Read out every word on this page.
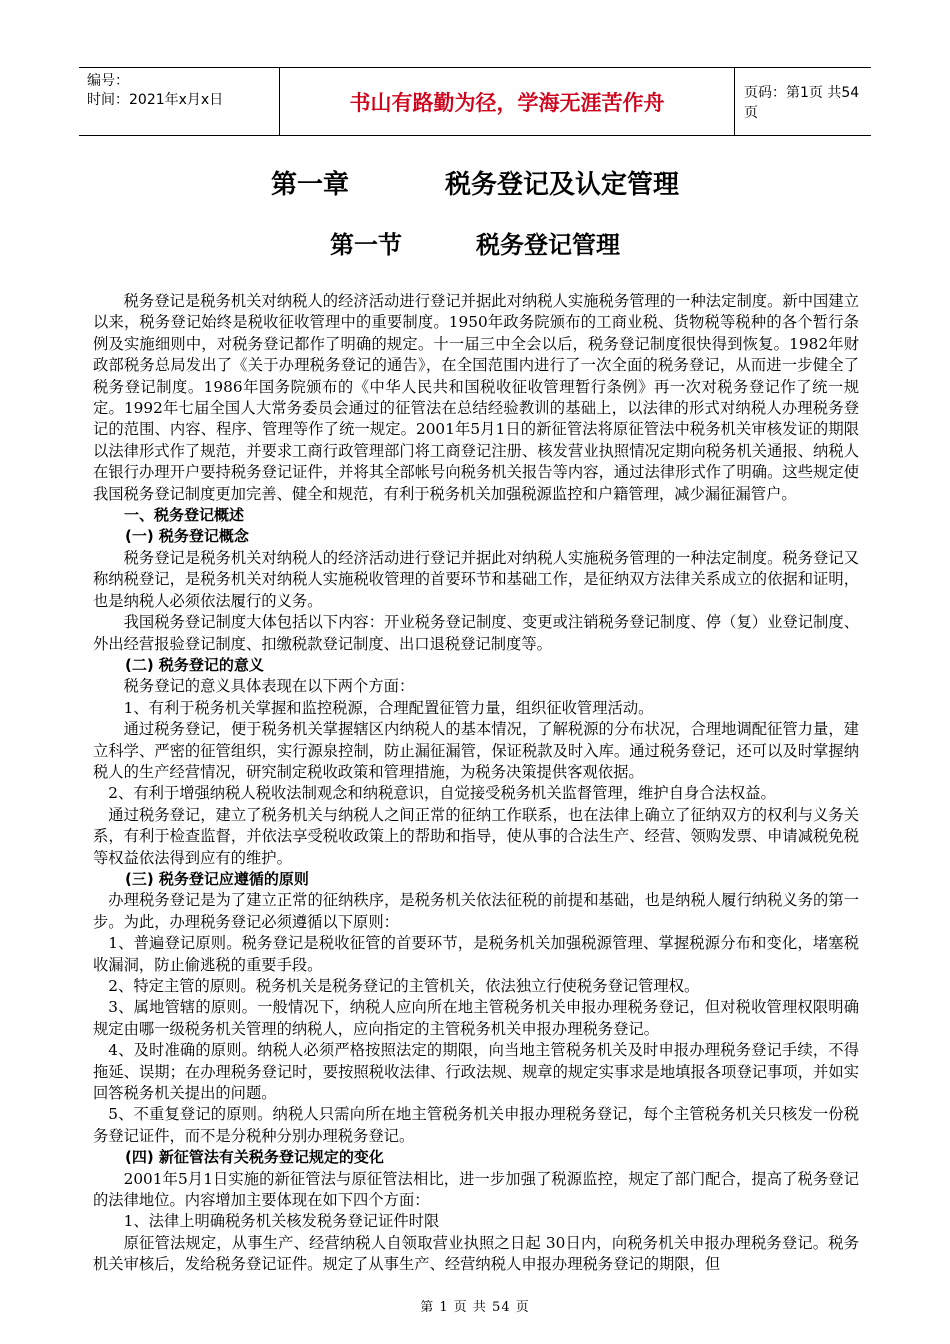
编号：
时间：2021年x月x日	书山有路勤为径，学海无涯苦作舟	页码：第1页 共54页
第一章	税务登记及认定管理
第一节	税务登记管理

税务登记是税务机关对纳税人的经济活动进行登记并据此对纳税人实施税务管理的一种法定制度。新中国建立以来，税务登记始终是税收征收管理中的重要制度。1950年政务院颁布的工商业税、货物税等税种的各个暂行条例及实施细则中，对税务登记都作了明确的规定。十一届三中全会以后，税务登记制度很快得到恢复。1982年财政部税务总局发出了《关于办理税务登记的通告》，在全国范围内进行了一次全面的税务登记，从而进一步健全了税务登记制度。1986年国务院颁布的《中华人民共和国税收征收管理暂行条例》再一次对税务登记作了统一规定。1992年七届全国人大常务委员会通过的征管法在总结经验教训的基础上，以法律的形式对纳税人办理税务登记的范围、内容、程序、管理等作了统一规定。2001年5月1日的新征管法将原征管法中税务机关审核发证的期限以法律形式作了规范，并要求工商行政管理部门将工商登记注册、核发营业执照情况定期向税务机关通报、纳税人在银行办理开户要持税务登记证件，并将其全部帐号向税务机关报告等内容，通过法律形式作了明确。这些规定使我国税务登记制度更加完善、健全和规范，有利于税务机关加强税源监控和户籍管理，减少漏征漏管户。

一、税务登记概述

(一) 税务登记概念

税务登记是税务机关对纳税人的经济活动进行登记并据此对纳税人实施税务管理的一种法定制度。税务登记又称纳税登记，是税务机关对纳税人实施税收管理的首要环节和基础工作，是征纳双方法律关系成立的依据和证明，也是纳税人必须依法履行的义务。

我国税务登记制度大体包括以下内容：开业税务登记制度、变更或注销税务登记制度、停（复）业登记制度、外出经营报验登记制度、扣缴税款登记制度、出口退税登记制度等。

(二) 税务登记的意义

税务登记的意义具体表现在以下两个方面：

1、有利于税务机关掌握和监控税源，合理配置征管力量，组织征收管理活动。

通过税务登记，便于税务机关掌握辖区内纳税人的基本情况，了解税源的分布状况，合理地调配征管力量，建立科学、严密的征管组织，实行源泉控制，防止漏征漏管，保证税款及时入库。通过税务登记，还可以及时掌握纳税人的生产经营情况，研究制定税收政策和管理措施，为税务决策提供客观依据。

2、有利于增强纳税人税收法制观念和纳税意识，自觉接受税务机关监督管理，维护自身合法权益。

通过税务登记，建立了税务机关与纳税人之间正常的征纳工作联系，也在法律上确立了征纳双方的权利与义务关系，有利于检查监督，并依法享受税收政策上的帮助和指导，使从事的合法生产、经营、领购发票、申请减税免税等权益依法得到应有的维护。

(三) 税务登记应遵循的原则

办理税务登记是为了建立正常的征纳秩序，是税务机关依法征税的前提和基础，也是纳税人履行纳税义务的第一步。为此，办理税务登记必须遵循以下原则：

1、普遍登记原则。税务登记是税收征管的首要环节，是税务机关加强税源管理、掌握税源分布和变化，堵塞税收漏洞，防止偷逃税的重要手段。

2、特定主管的原则。税务机关是税务登记的主管机关，依法独立行使税务登记管理权。

3、属地管辖的原则。一般情况下，纳税人应向所在地主管税务机关申报办理税务登记，但对税收管理权限明确规定由哪一级税务机关管理的纳税人，应向指定的主管税务机关申报办理税务登记。

4、及时准确的原则。纳税人必须严格按照法定的期限，向当地主管税务机关及时申报办理税务登记手续，不得拖延、误期；在办理税务登记时，要按照税收法律、行政法规、规章的规定实事求是地填报各项登记事项，并如实回答税务机关提出的问题。

5、不重复登记的原则。纳税人只需向所在地主管税务机关申报办理税务登记，每个主管税务机关只核发一份税务登记证件，而不是分税种分别办理税务登记。

(四) 新征管法有关税务登记规定的变化

2001年5月1日实施的新征管法与原征管法相比，进一步加强了税源监控，规定了部门配合，提高了税务登记的法律地位。内容增加主要体现在如下四个方面：

1、法律上明确税务机关核发税务登记证件时限

原征管法规定，从事生产、经营纳税人自领取营业执照之日起 30日内，向税务机关申报办理税务登记。税务机关审核后，发给税务登记证件。规定了从事生产、经营纳税人申报办理税务登记的期限，但

第 1 页 共 54 页
